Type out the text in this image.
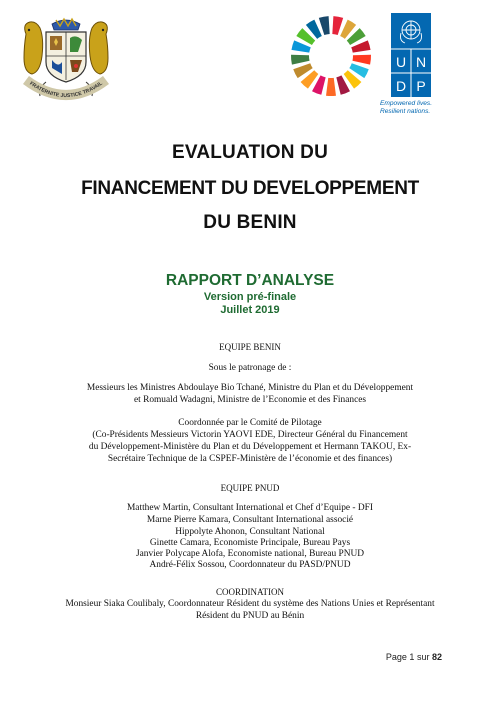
FRATERNITE JUSTICE TRAVAIL
U N
D P
Empowered lives.
Resilient nations.
EVALUATION DU
FINANCEMENT DU DEVELOPPEMENT
DU BENIN
RAPPORT D’ANALYSE
Version pré-finale
Juillet 2019
EQUIPE BENIN
Sous le patronage de :
Messieurs les Ministres Abdoulaye Bio Tchané, Ministre du Plan et du Développement
et Romuald Wadagni, Ministre de l’Economie et des Finances
Coordonnée par le Comité de Pilotage
(Co-Présidents Messieurs Victorin YAOVI EDE, Directeur Général du Financement
du Développement-Ministère du Plan et du Développement et Hermann TAKOU, Ex-
Secrétaire Technique de la CSPEF-Ministère de l’économie et des finances)
EQUIPE PNUD
Matthew Martin, Consultant International et Chef d’Equipe - DFI
Marne Pierre Kamara, Consultant International associé
Hippolyte Ahonon, Consultant National
Ginette Camara, Economiste Principale, Bureau Pays
Janvier Polycape Alofa, Economiste national, Bureau PNUD
André-Félix Sossou, Coordonnateur du PASD/PNUD
COORDINATION
Monsieur Siaka Coulibaly, Coordonnateur Résident du système des Nations Unies et Représentant
Résident du PNUD au Bénin
Page 1 sur 82
